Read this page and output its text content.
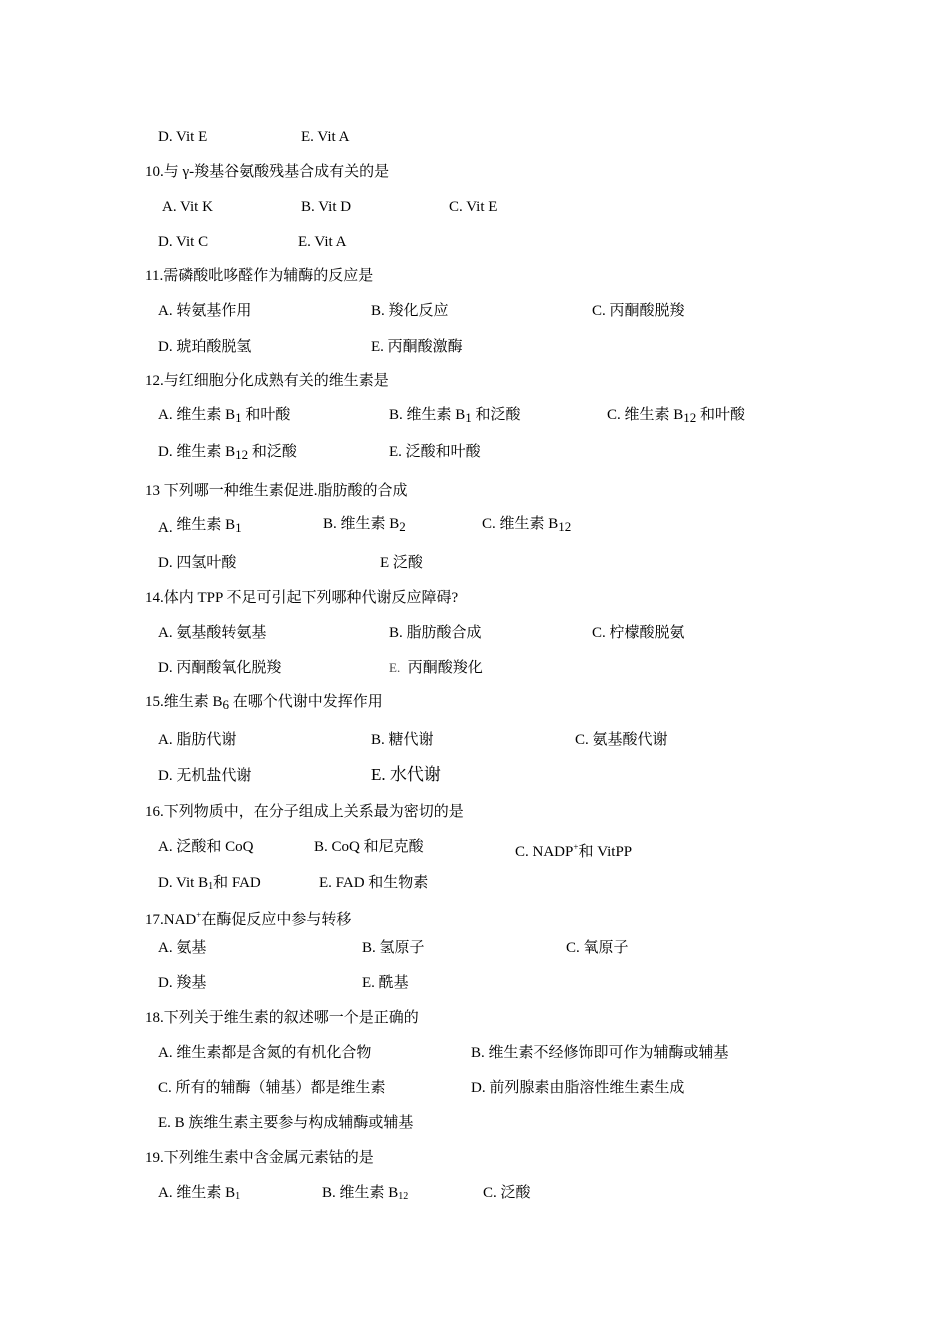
D. Vit E	E. Vit A
10.与 γ-羧基谷氨酸残基合成有关的是
A. Vit K	B. Vit D	C. Vit E
D. Vit C	E. Vit A
11.需磷酸吡哆醛作为辅酶的反应是
A. 转氨基作用	B. 羧化反应	C. 丙酮酸脱羧
D. 琥珀酸脱氢	E. 丙酮酸激酶
12.与红细胞分化成熟有关的维生素是
A. 维生素 B1 和叶酸	B. 维生素 B1 和泛酸	C. 维生素 B12 和叶酸
D. 维生素 B12 和泛酸	E. 泛酸和叶酸
13 下列哪一种维生素促进.脂肪酸的合成
A. 维生素 B1	B. 维生素 B2	C. 维生素 B12
D. 四氢叶酸	E 泛酸
14.体内 TPP 不足可引起下列哪种代谢反应障碍?
A. 氨基酸转氨基	B. 脂肪酸合成	C. 柠檬酸脱氨
D. 丙酮酸氧化脱羧	E. 丙酮酸羧化
15.维生素 B6 在哪个代谢中发挥作用
A. 脂肪代谢	B. 糖代谢	C. 氨基酸代谢
D. 无机盐代谢	E. 水代谢
16.下列物质中，在分子组成上关系最为密切的是
A. 泛酸和 CoQ	B. CoQ 和尼克酸	C. NADP+和 VitPP
D. Vit $B_1$和 FAD	E. FAD 和生物素
17.NAD+在酶促反应中参与转移
A. 氨基	B. 氢原子	C. 氧原子
D. 羧基	E. 酰基
18.下列关于维生素的叙述哪一个是正确的
A. 维生素都是含氮的有机化合物	B. 维生素不经修饰即可作为辅酶或辅基
C. 所有的辅酶（辅基）都是维生素	D. 前列腺素由脂溶性维生素生成
E. B 族维生素主要参与构成辅酶或辅基
19.下列维生素中含金属元素钴的是
A. 维生素 $B_1$	B. 维生素 $B_{12}$	C. 泛酸
